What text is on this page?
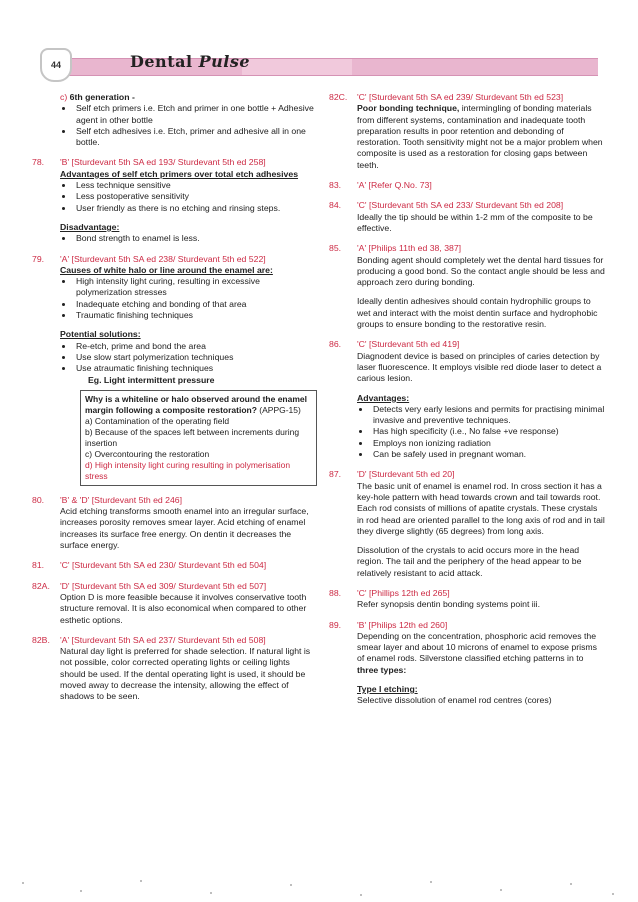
44	Dental Pulse

c) 6th generation -

• Self etch primers i.e. Etch and primer in one bottle + Adhesive agent in other bottle
• Self etch adhesives i.e. Etch, primer and adhesive all in one bottle.
78. 'B' [Sturdevant 5th SA ed 193/ Sturdevant 5th ed 258]

Advantages of self etch primers over total etch adhesives

• Less technique sensitive
• Less postoperative sensitivity
• User friendly as there is no etching and rinsing steps.

Disadvantage:

• Bond strength to enamel is less.
79. 'A' [Sturdevant 5th SA ed 238/ Sturdevant 5th ed 522]

Causes of white halo or line around the enamel are:

• High intensity light curing, resulting in excessive polymerization stresses
• Inadequate etching and bonding of that area
• Traumatic finishing techniques

Potential solutions:

• Re-etch, prime and bond the area
• Use slow start polymerization techniques
• Use atraumatic finishing techniques

Eg. Light intermittent pressure

Why is a whiteline or halo observed around the enamel margin following a composite restoration? (APPG-15)

a) Contamination of the operating field

b) Because of the spaces left between increments during insertion

c) Overcontouring the restoration

d) High intensity light curing resulting in polymerisation stress

80. 'B' & 'D' [Sturdevant 5th ed 246]

Acid etching transforms smooth enamel into an irregular surface, increases porosity removes smear layer. Acid etching of enamel increases its surface free energy. On dentin it decreases the surface energy.

81. 'C' [Sturdevant 5th SA ed 230/ Sturdevant 5th ed 504]

82A. 'D' [Sturdevant 5th SA ed 309/ Sturdevant 5th ed 507]

Option D is more feasible because it involves conservative tooth structure removal. It is also economical when compared to other esthetic options.

82B. 'A' [Sturdevant 5th SA ed 237/ Sturdevant 5th ed 508]

Natural day light is preferred for shade selection. If natural light is not possible, color corrected operating lights or ceiling lights should be used. If the dental operating light is used, it should be moved away to decrease the intensity, allowing the effect of shadows to be seen.

82C. 'C' [Sturdevant 5th SA ed 239/ Sturdevant 5th ed 523]

Poor bonding technique, intermingling of bonding materials from different systems, contamination and inadequate tooth preparation results in poor retention and debonding of restoration. Tooth sensitivity might not be a major problem when composite is used as a restoration for closing gaps between teeth.

83. 'A' [Refer Q.No. 73]

84. 'C' [Sturdevant 5th SA ed 233/ Sturdevant 5th ed 208]

Ideally the tip should be within 1-2 mm of the composite to be effective.

85. 'A' [Philips 11th ed 38, 387]

Bonding agent should completely wet the dental hard tissues for producing a good bond. So the contact angle should be less and approach zero during bonding.

Ideally dentin adhesives should contain hydrophilic groups to wet and interact with the moist dentin surface and hydrophobic groups to ensure bonding to the restorative resin.

86. 'C' [Sturdevant 5th ed 419]

Diagnodent device is based on principles of caries detection by laser fluorescence. It employs visible red diode laser to detect a carious lesion.

Advantages:

• Detects very early lesions and permits for practising minimal invasive and preventive techniques.
• Has high specificity (i.e., No false +ve response)
• Employs non ionizing radiation
• Can be safely used in pregnant woman.
87. 'D' [Sturdevant 5th ed 20]

The basic unit of enamel is enamel rod. In cross section it has a key-hole pattern with head towards crown and tail towards root. Each rod consists of millions of apatite crystals. These crystals in rod head are oriented parallel to the long axis of rod and in tail they diverge slightly (65 degrees) from long axis.

Dissolution of the crystals to acid occurs more in the head region. The tail and the periphery of the head appear to be relatively resistant to acid attack.

88. 'C' [Phillips 12th ed 265]

Refer synopsis dentin bonding systems point iii.

89. 'B' [Philips 12th ed 260]

Depending on the concentration, phosphoric acid removes the smear layer and about 10 microns of enamel to expose prisms of enamel rods. Silverstone classified etching patterns in to three types:

Type I etching:

Selective dissolution of enamel rod centres (cores)
